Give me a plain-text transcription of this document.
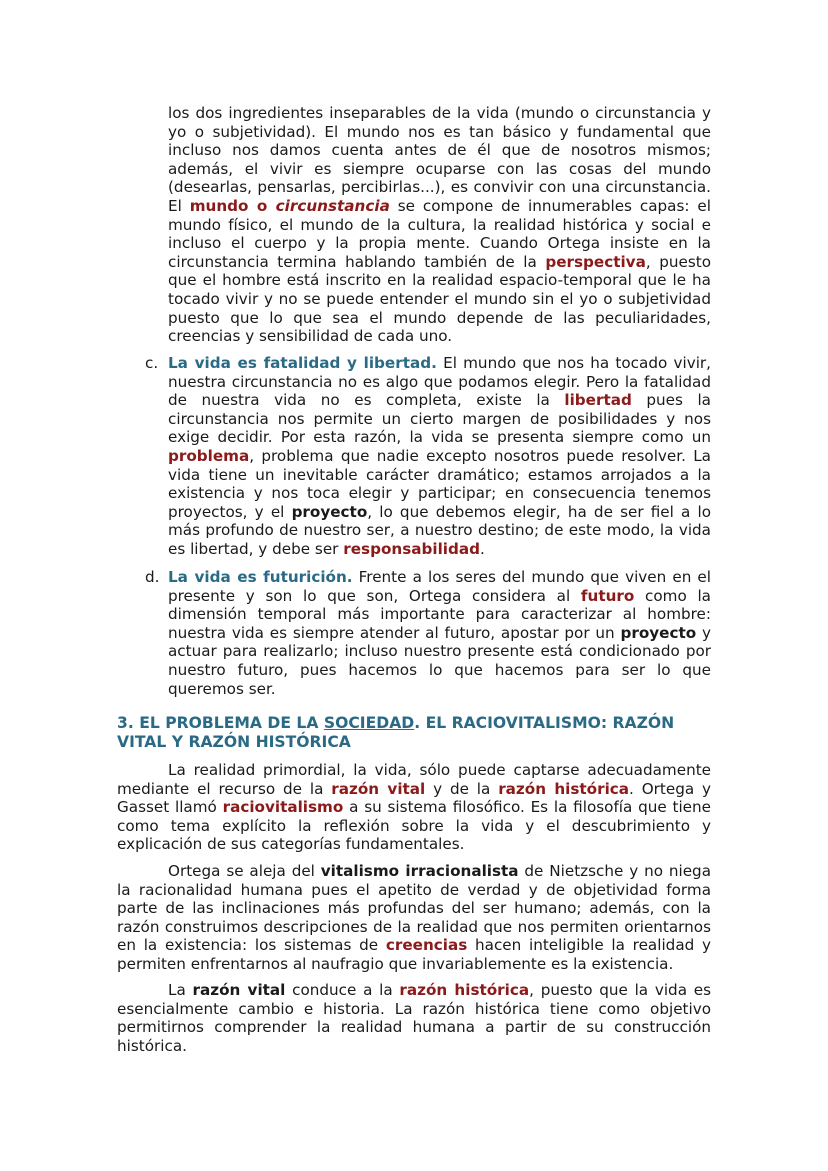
los dos ingredientes inseparables de la vida (mundo o circunstancia y yo o subjetividad). El mundo nos es tan básico y fundamental que incluso nos damos cuenta antes de él que de nosotros mismos; además, el vivir es siempre ocuparse con las cosas del mundo (desearlas, pensarlas, percibirlas...), es convivir con una circunstancia. El mundo o circunstancia se compone de innumerables capas: el mundo físico, el mundo de la cultura, la realidad histórica y social e incluso el cuerpo y la propia mente. Cuando Ortega insiste en la circunstancia termina hablando también de la perspectiva, puesto que el hombre está inscrito en la realidad espacio-temporal que le ha tocado vivir y no se puede entender el mundo sin el yo o subjetividad puesto que lo que sea el mundo depende de las peculiaridades, creencias y sensibilidad de cada uno.

c. La vida es fatalidad y libertad. El mundo que nos ha tocado vivir, nuestra circunstancia no es algo que podamos elegir. Pero la fatalidad de nuestra vida no es completa, existe la libertad pues la circunstancia nos permite un cierto margen de posibilidades y nos exige decidir. Por esta razón, la vida se presenta siempre como un problema, problema que nadie excepto nosotros puede resolver. La vida tiene un inevitable carácter dramático; estamos arrojados a la existencia y nos toca elegir y participar; en consecuencia tenemos proyectos, y el proyecto, lo que debemos elegir, ha de ser fiel a lo más profundo de nuestro ser, a nuestro destino; de este modo, la vida es libertad, y debe ser responsabilidad.

d. La vida es futurición. Frente a los seres del mundo que viven en el presente y son lo que son, Ortega considera al futuro como la dimensión temporal más importante para caracterizar al hombre: nuestra vida es siempre atender al futuro, apostar por un proyecto y actuar para realizarlo; incluso nuestro presente está condicionado por nuestro futuro, pues hacemos lo que hacemos para ser lo que queremos ser.

3. EL PROBLEMA DE LA SOCIEDAD. EL RACIOVITALISMO: RAZÓN VITAL Y RAZÓN HISTÓRICA

La realidad primordial, la vida, sólo puede captarse adecuadamente mediante el recurso de la razón vital y de la razón histórica. Ortega y Gasset llamó raciovitalismo a su sistema filosófico. Es la filosofía que tiene como tema explícito la reflexión sobre la vida y el descubrimiento y explicación de sus categorías fundamentales.

Ortega se aleja del vitalismo irracionalista de Nietzsche y no niega la racionalidad humana pues el apetito de verdad y de objetividad forma parte de las inclinaciones más profundas del ser humano; además, con la razón construimos descripciones de la realidad que nos permiten orientarnos en la existencia: los sistemas de creencias hacen inteligible la realidad y permiten enfrentarnos al naufragio que invariablemente es la existencia.

La razón vital conduce a la razón histórica, puesto que la vida es esencialmente cambio e historia. La razón histórica tiene como objetivo permitirnos comprender la realidad humana a partir de su construcción histórica.
